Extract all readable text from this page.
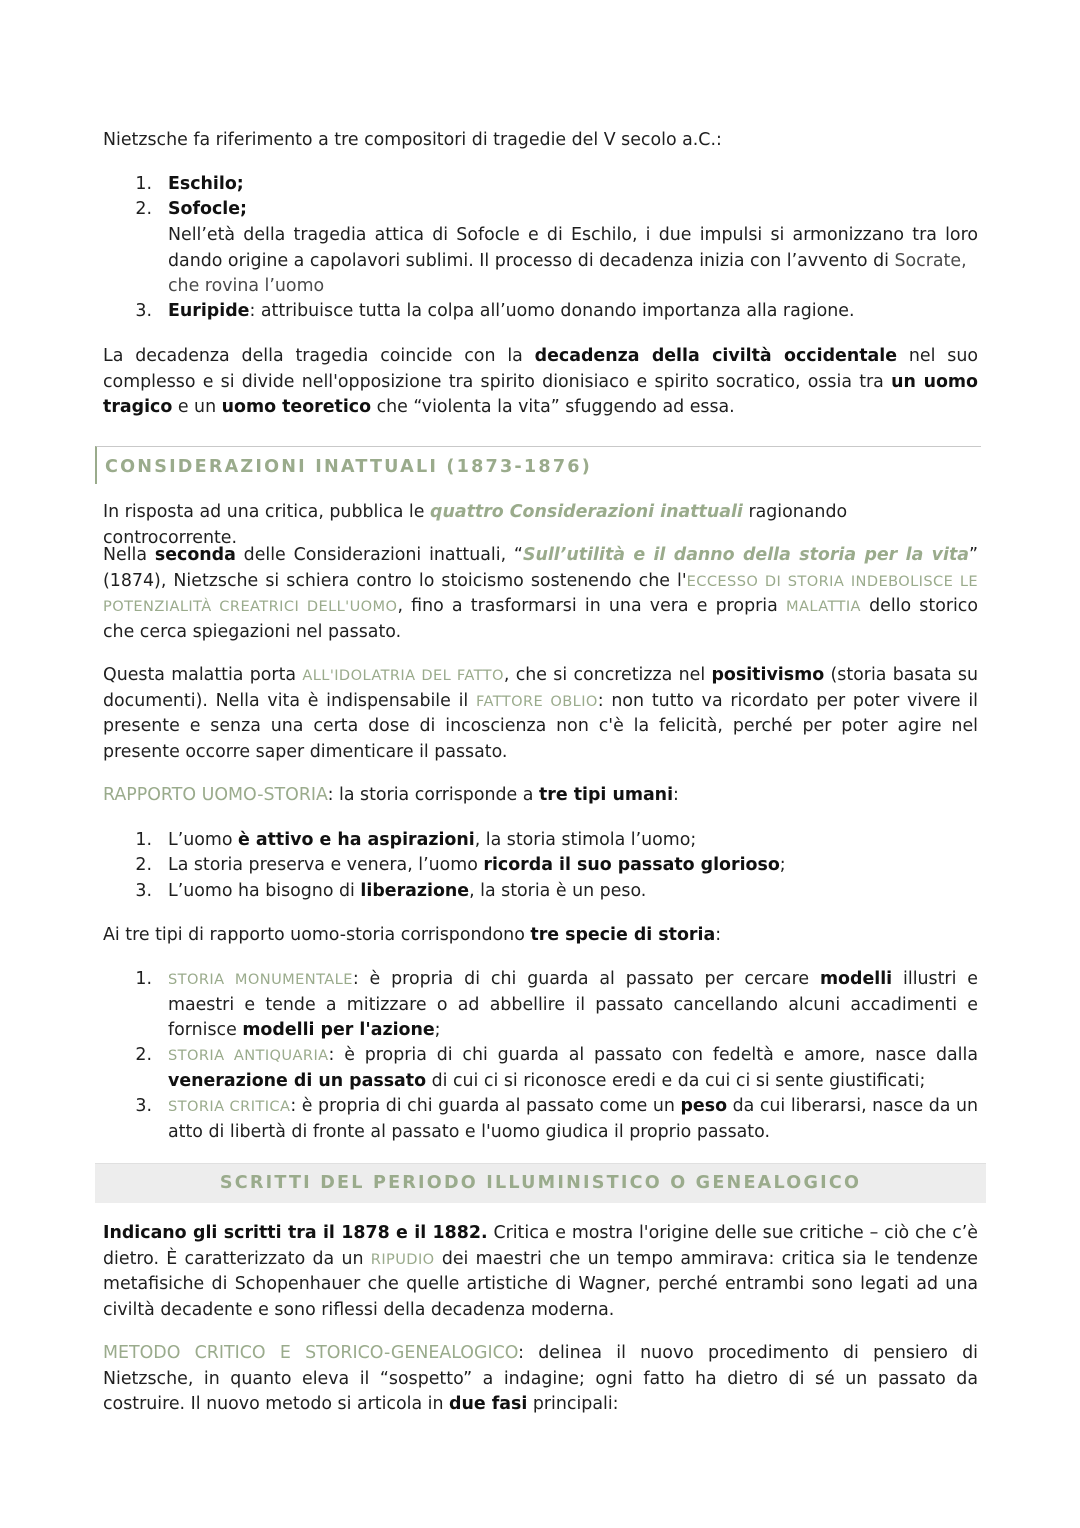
Nietzsche fa riferimento a tre compositori di tragedie del V secolo a.C.:
1. Eschilo;
2. Sofocle;
Nell’età della tragedia attica di Sofocle e di Eschilo, i due impulsi si armonizzano tra loro dando origine a capolavori sublimi. Il processo di decadenza inizia con l’avvento di Socrate,
che rovina l’uomo
3. Euripide: attribuisce tutta la colpa all’uomo donando importanza alla ragione.
La decadenza della tragedia coincide con la decadenza della civiltà occidentale nel suo complesso e si divide nell'opposizione tra spirito dionisiaco e spirito socratico, ossia tra un uomo tragico e un uomo teoretico che “violenta la vita” sfuggendo ad essa.
CONSIDERAZIONI INATTUALI (1873-1876)
In risposta ad una critica, pubblica le quattro Considerazioni inattuali ragionando controcorrente.
Nella seconda delle Considerazioni inattuali, “Sull’utilità e il danno della storia per la vita” (1874), Nietzsche si schiera contro lo stoicismo sostenendo che l'ECCESSO DI STORIA INDEBOLISCE LE POTENZIALITÀ CREATRICI DELL'UOMO, fino a trasformarsi in una vera e propria MALATTIA dello storico che cerca spiegazioni nel passato.
Questa malattia porta ALL'IDOLATRIA DEL FATTO, che si concretizza nel positivismo (storia basata su documenti). Nella vita è indispensabile il FATTORE OBLIO: non tutto va ricordato per poter vivere il presente e senza una certa dose di incoscienza non c'è la felicità, perché per poter agire nel presente occorre saper dimenticare il passato.
RAPPORTO UOMO-STORIA: la storia corrisponde a tre tipi umani:
1. L’uomo è attivo e ha aspirazioni, la storia stimola l’uomo;
2. La storia preserva e venera, l’uomo ricorda il suo passato glorioso;
3. L’uomo ha bisogno di liberazione, la storia è un peso.
Ai tre tipi di rapporto uomo-storia corrispondono tre specie di storia:
1. STORIA MONUMENTALE: è propria di chi guarda al passato per cercare modelli illustri e maestri e tende a mitizzare o ad abbellire il passato cancellando alcuni accadimenti e fornisce modelli per l'azione;
2. STORIA ANTIQUARIA: è propria di chi guarda al passato con fedeltà e amore, nasce dalla venerazione di un passato di cui ci si riconosce eredi e da cui ci si sente giustificati;
3. STORIA CRITICA: è propria di chi guarda al passato come un peso da cui liberarsi, nasce da un atto di libertà di fronte al passato e l'uomo giudica il proprio passato.
SCRITTI DEL PERIODO ILLUMINISTICO O GENEALOGICO
Indicano gli scritti tra il 1878 e il 1882. Critica e mostra l'origine delle sue critiche – ciò che c’è dietro. È caratterizzato da un RIPUDIO dei maestri che un tempo ammirava: critica sia le tendenze metafisiche di Schopenhauer che quelle artistiche di Wagner, perché entrambi sono legati ad una civiltà decadente e sono riflessi della decadenza moderna.
METODO CRITICO E STORICO-GENEALOGICO: delinea il nuovo procedimento di pensiero di Nietzsche, in quanto eleva il “sospetto” a indagine; ogni fatto ha dietro di sé un passato da costruire. Il nuovo metodo si articola in due fasi principali:
